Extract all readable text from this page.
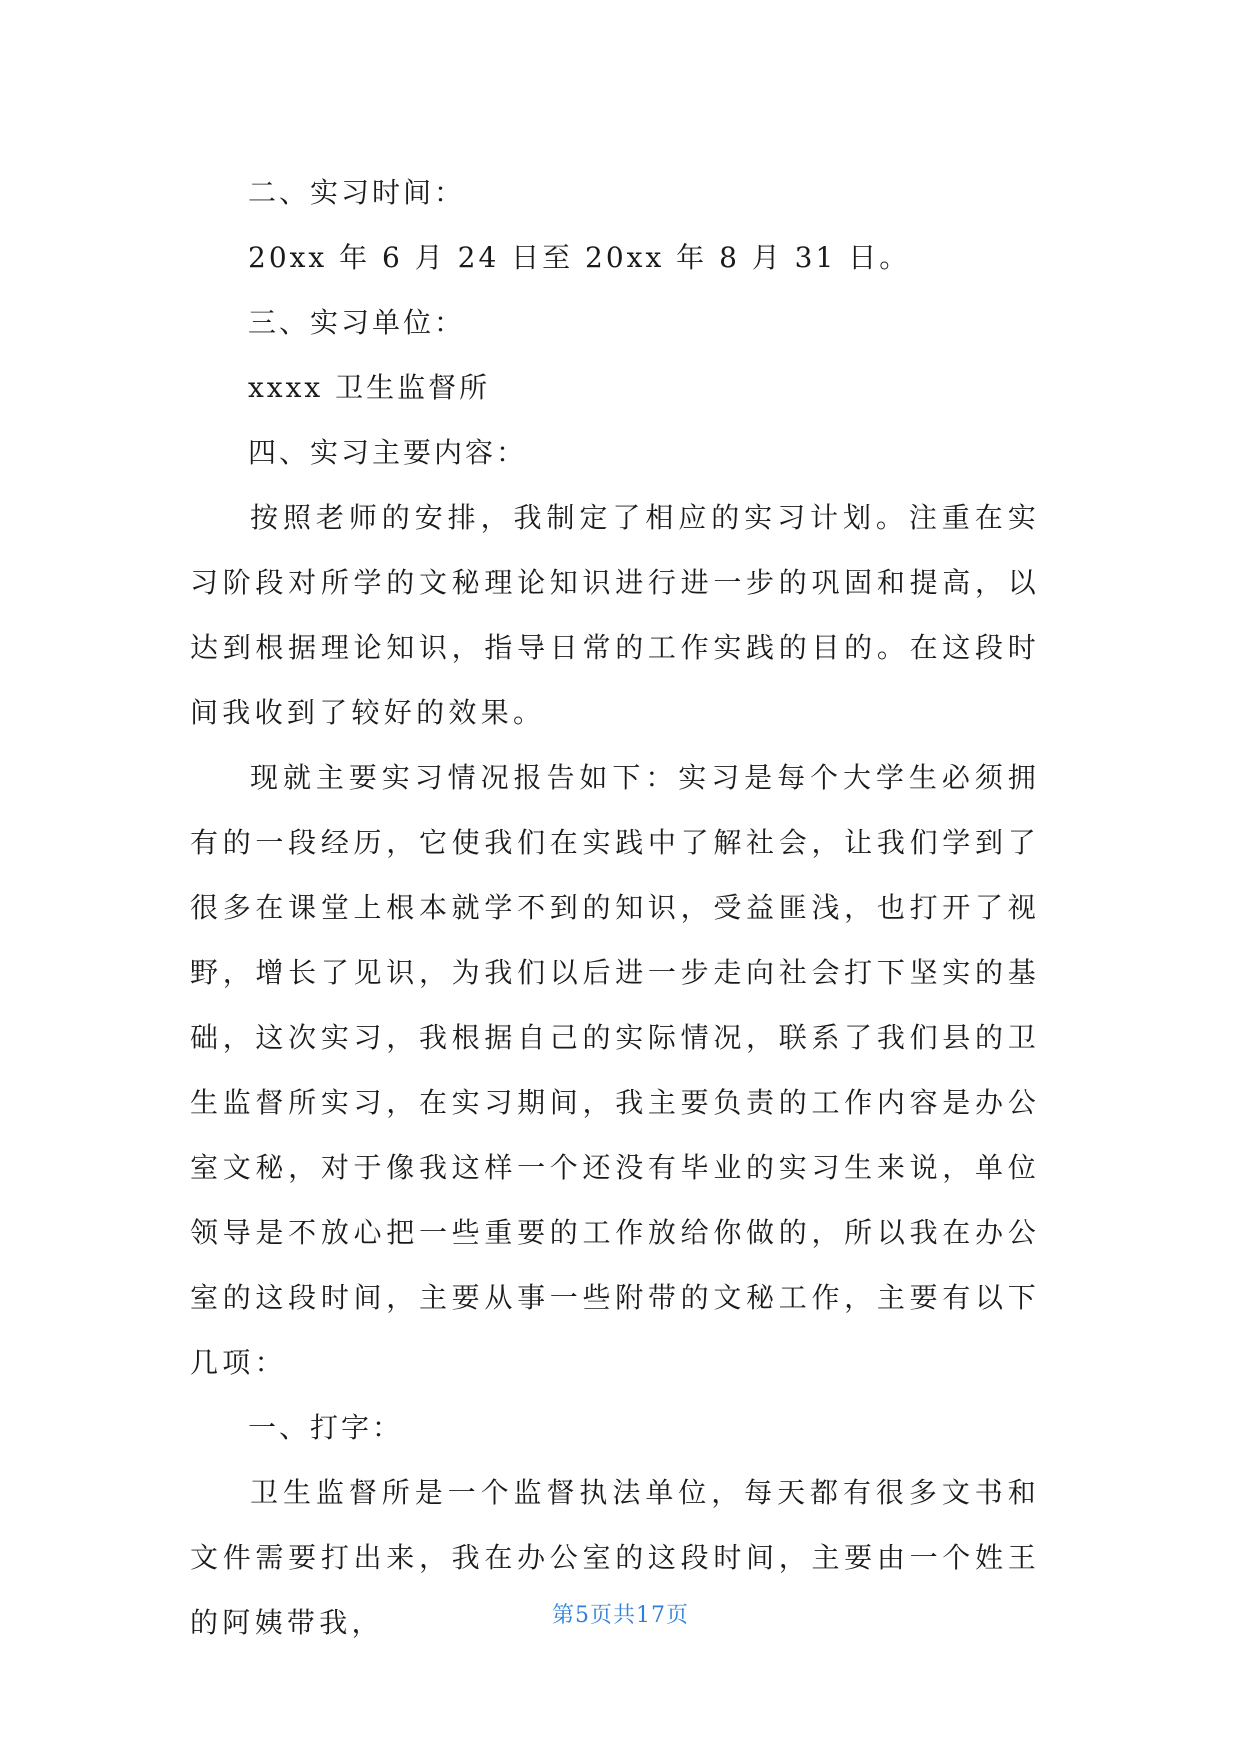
二、实习时间：
20xx 年 6 月 24 日至 20xx 年 8 月 31 日。
三、实习单位：
xxxx 卫生监督所
四、实习主要内容：

按照老师的安排，我制定了相应的实习计划。注重在实习阶段对所学的文秘理论知识进行进一步的巩固和提高，以达到根据理论知识，指导日常的工作实践的目的。在这段时间我收到了较好的效果。

现就主要实习情况报告如下：实习是每个大学生必须拥有的一段经历，它使我们在实践中了解社会，让我们学到了很多在课堂上根本就学不到的知识，受益匪浅，也打开了视野，增长了见识，为我们以后进一步走向社会打下坚实的基础，这次实习，我根据自己的实际情况，联系了我们县的卫生监督所实习，在实习期间，我主要负责的工作内容是办公室文秘，对于像我这样一个还没有毕业的实习生来说，单位领导是不放心把一些重要的工作放给你做的，所以我在办公室的这段时间，主要从事一些附带的文秘工作，主要有以下几项：

一、打字：

卫生监督所是一个监督执法单位，每天都有很多文书和文件需要打出来，我在办公室的这段时间，主要由一个姓王的阿姨带我，	第5页共17页
